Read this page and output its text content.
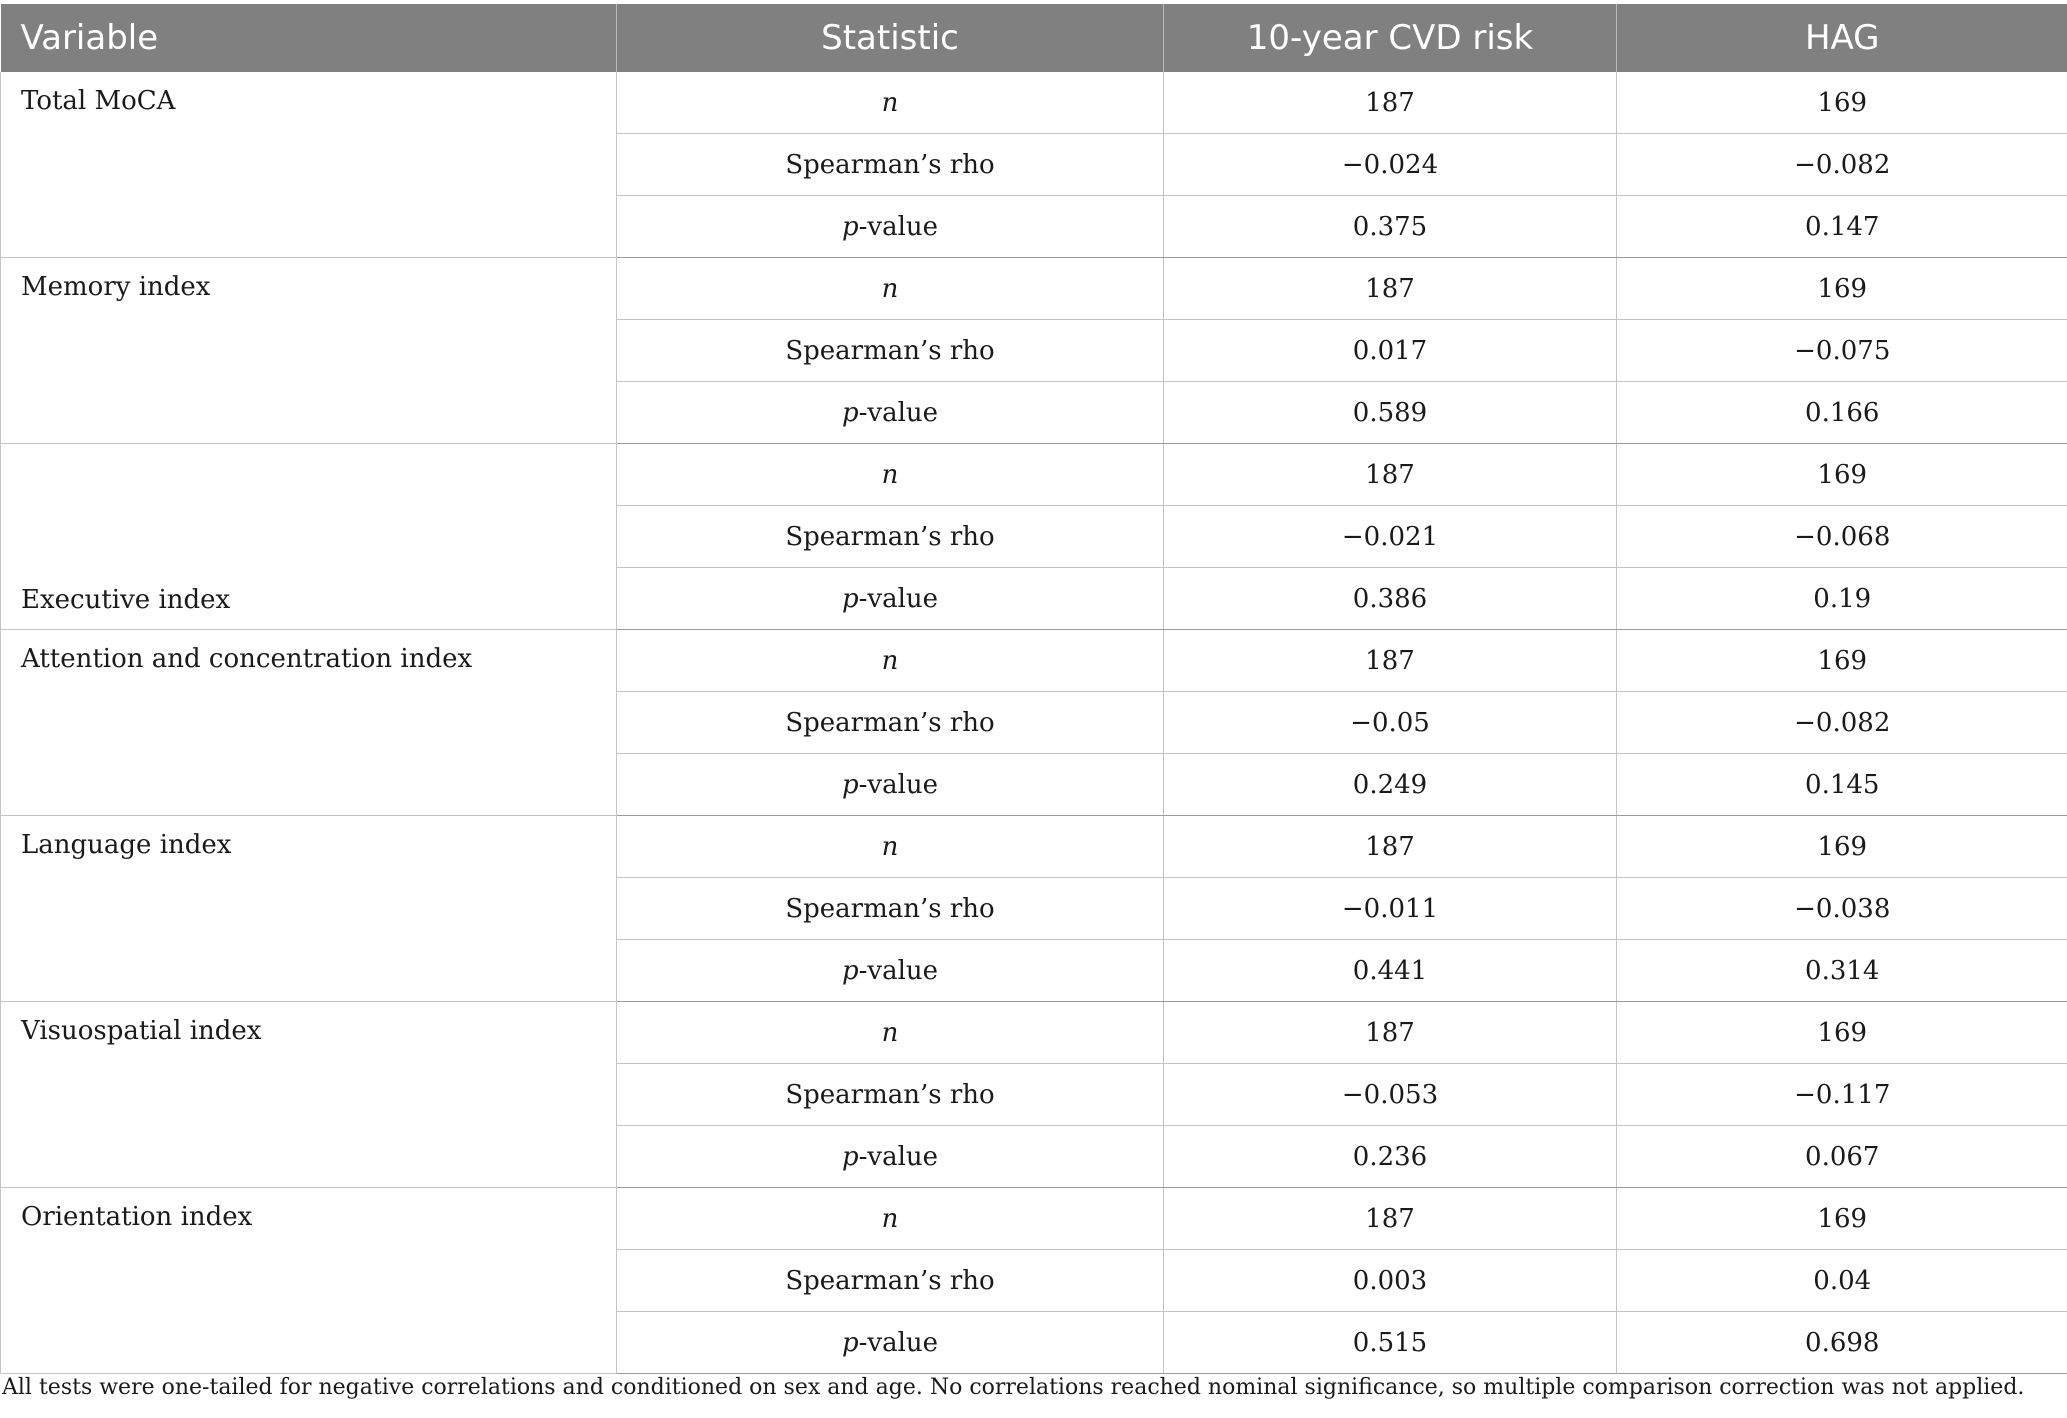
Variable	Statistic	10-year CVD risk	HAG
Total MoCA	n	187	169
	Spearman’s rho	−0.024	−0.082
	p-value	0.375	0.147
Memory index	n	187	169
	Spearman’s rho	0.017	−0.075
	p-value	0.589	0.166
Executive index	n	187	169
	Spearman’s rho	−0.021	−0.068
	p-value	0.386	0.19
Attention and concentration index	n	187	169
	Spearman’s rho	−0.05	−0.082
	p-value	0.249	0.145
Language index	n	187	169
	Spearman’s rho	−0.011	−0.038
	p-value	0.441	0.314
Visuospatial index	n	187	169
	Spearman’s rho	−0.053	−0.117
	p-value	0.236	0.067
Orientation index	n	187	169
	Spearman’s rho	0.003	0.04
	p-value	0.515	0.698
All tests were one-tailed for negative correlations and conditioned on sex and age. No correlations reached nominal significance, so multiple comparison correction was not applied.
